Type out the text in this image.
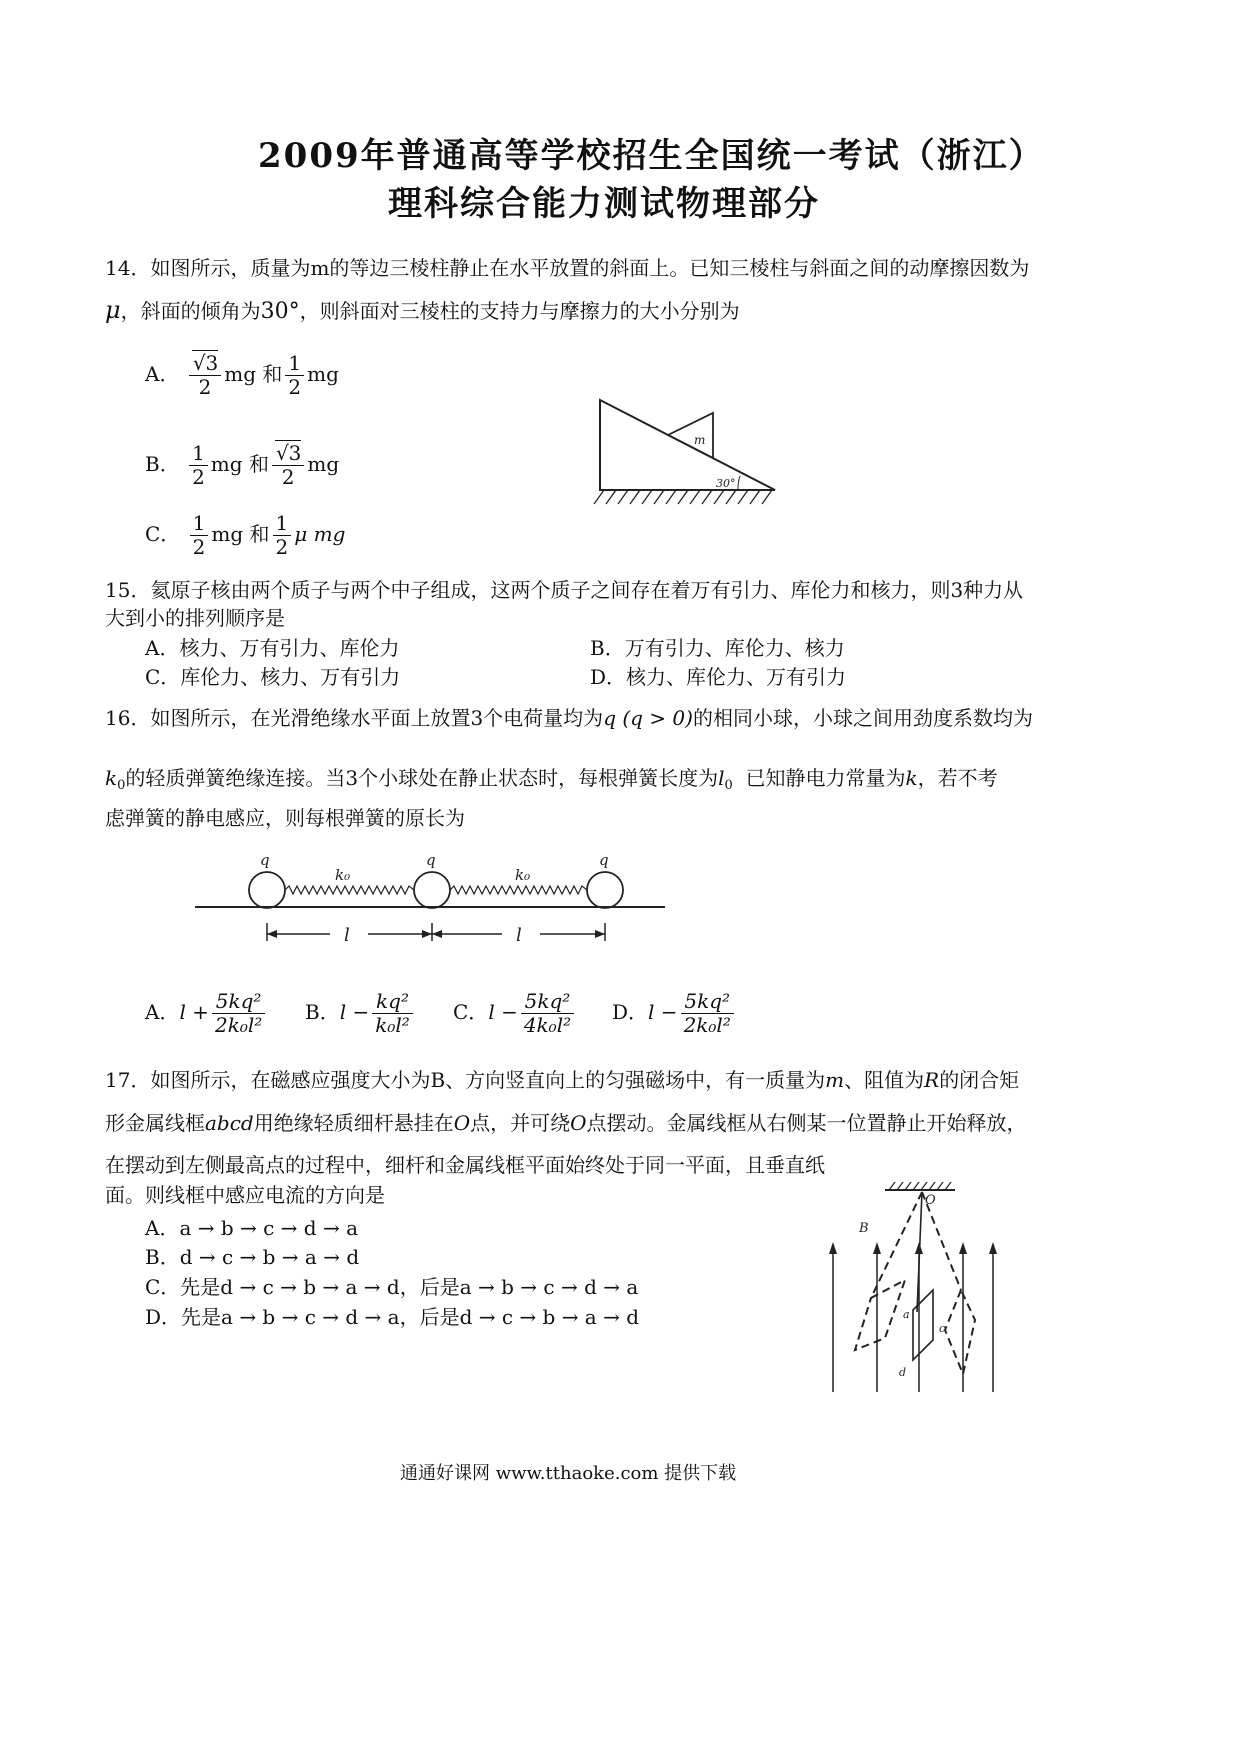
2009年普通高等学校招生全国统一考试（浙江）
理科综合能力测试物理部分
14．如图所示，质量为m的等边三棱柱静止在水平放置的斜面上。已知三棱柱与斜面之间的动摩擦因数为
μ，斜面的倾角为30°，则斜面对三棱柱的支持力与摩擦力的大小分别为
A． $\frac{√3}{2}$ mg 和 $\frac{1}{2}$ mg
B． $\frac{1}{2}$ mg 和 $\frac{√3}{2}$ mg
C． $\frac{1}{2}$ mg 和 $\frac{1}{2}$ μ mg
m
30°
15．氦原子核由两个质子与两个中子组成，这两个质子之间存在着万有引力、库伦力和核力，则3种力从
大到小的排列顺序是
A．核力、万有引力、库伦力	B．万有引力、库伦力、核力
C．库伦力、核力、万有引力	D．核力、库伦力、万有引力
16．如图所示，在光滑绝缘水平面上放置3个电荷量均为q (q > 0)的相同小球，小球之间用劲度系数均为
$k_0$的轻质弹簧绝缘连接。当3个小球处在静止状态时，每根弹簧长度为$l_0$ 已知静电力常量为k，若不考
虑弹簧的静电感应，则每根弹簧的原长为
q	q	q
k₀	k₀
l	l
A．$l + \frac{\text{5kq²}}{\text{2k₀l²}}$ B．$l - \frac{\text{kq²}}{\text{k₀l²}}$ C．$l - \frac{\text{5kq²}}{\text{4k₀l²}}$ D．$l - \frac{\text{5kq²}}{\text{2k₀l²}}$
17．如图所示，在磁感应强度大小为B、方向竖直向上的匀强磁场中，有一质量为m、阻值为R的闭合矩
形金属线框abcd用绝缘轻质细杆悬挂在O点，并可绕O点摆动。金属线框从右侧某一位置静止开始释放，
在摆动到左侧最高点的过程中，细杆和金属线框平面始终处于同一平面，且垂直纸
面。则线框中感应电流的方向是
A．a → b → c → d → a
B．d → c → b → a → d
C．先是d → c → b → a → d，后是a → b → c → d → a
D．先是a → b → c → d → a，后是d → c → b → a → d
O
B
a
c
d
通通好课网 www.tthaoke.com 提供下载
